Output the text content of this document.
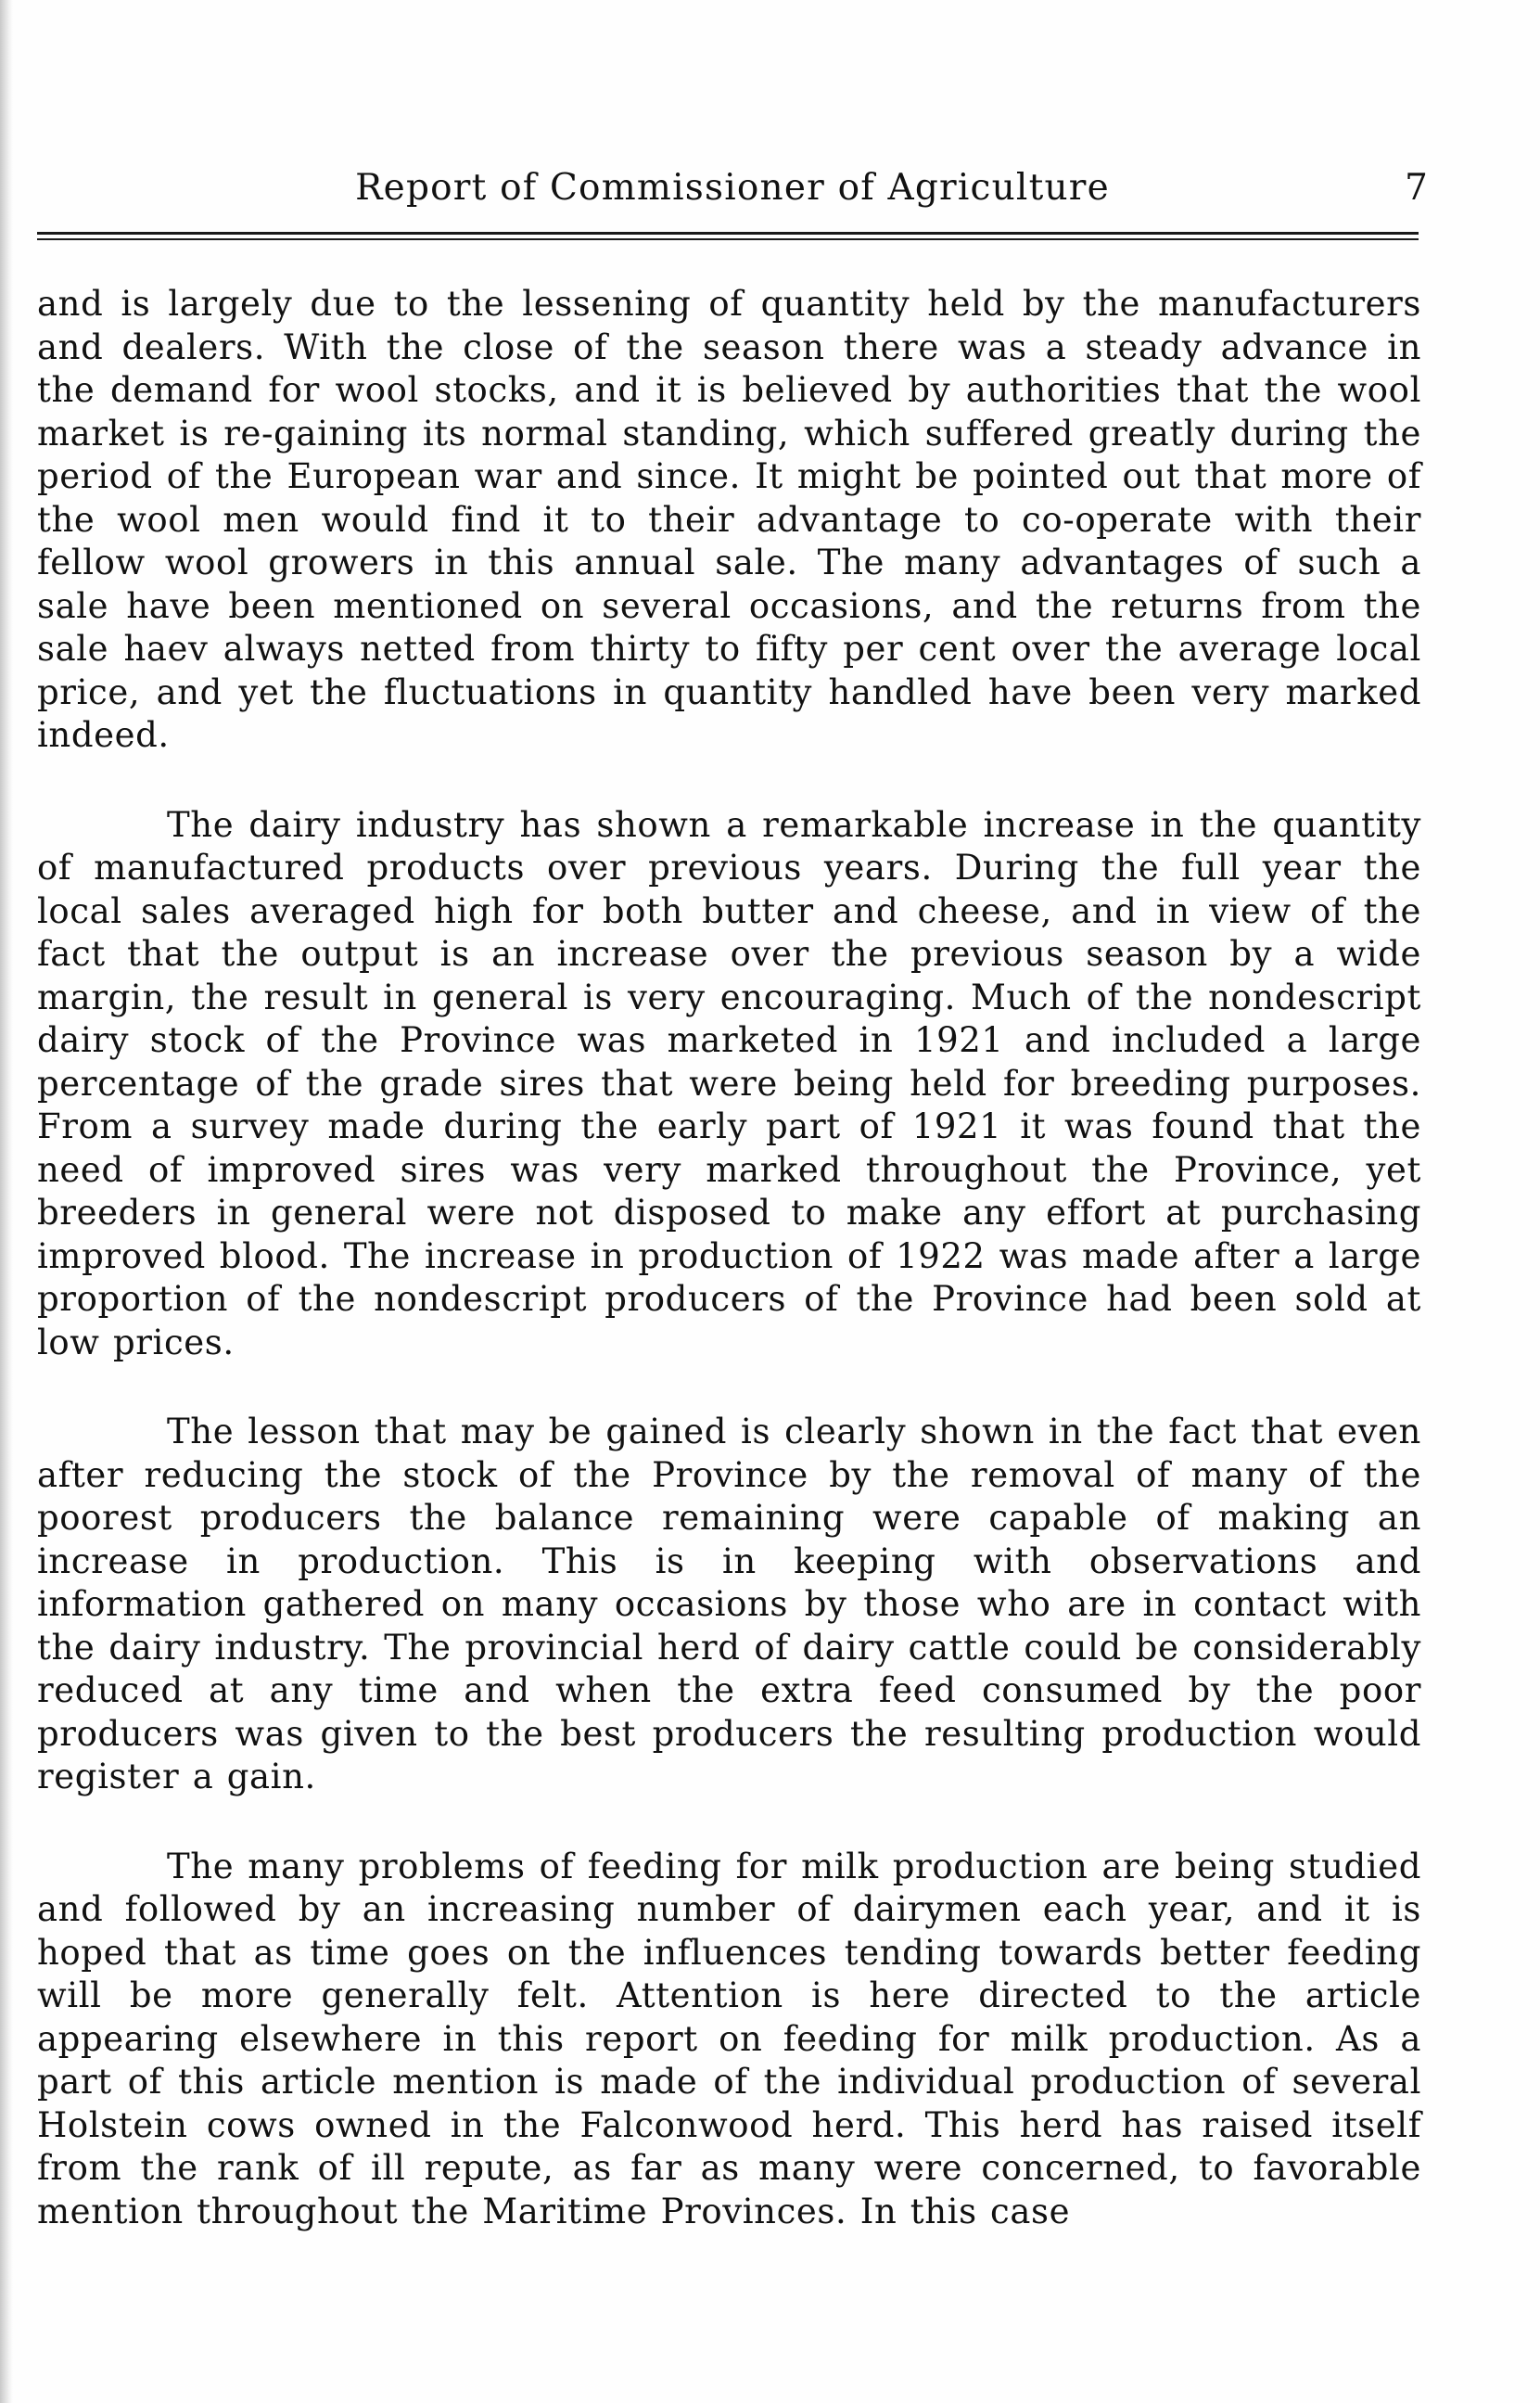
Report of Commissioner of Agriculture	7

and is largely due to the lessening of quantity held by the manufacturers and dealers. With the close of the season there was a steady advance in the demand for wool stocks, and it is believed by authorities that the wool market is re-gaining its normal standing, which suffered greatly during the period of the European war and since. It might be pointed out that more of the wool men would find it to their advantage to co-operate with their fellow wool growers in this annual sale. The many advantages of such a sale have been mentioned on several occasions, and the returns from the sale haev always netted from thirty to fifty per cent over the average local price, and yet the fluctuations in quantity handled have been very marked indeed.

The dairy industry has shown a remarkable increase in the quantity of manufactured products over previous years. During the full year the local sales averaged high for both butter and cheese, and in view of the fact that the output is an increase over the previous season by a wide margin, the result in general is very encouraging. Much of the nondescript dairy stock of the Province was marketed in 1921 and included a large percentage of the grade sires that were being held for breeding purposes. From a survey made during the early part of 1921 it was found that the need of improved sires was very marked throughout the Province, yet breeders in general were not disposed to make any effort at purchasing improved blood. The increase in production of 1922 was made after a large proportion of the nondescript producers of the Province had been sold at low prices.

The lesson that may be gained is clearly shown in the fact that even after reducing the stock of the Province by the removal of many of the poorest producers the balance remaining were capable of making an increase in production. This is in keeping with observations and information gathered on many occasions by those who are in contact with the dairy industry. The provincial herd of dairy cattle could be considerably reduced at any time and when the extra feed consumed by the poor producers was given to the best producers the resulting production would register a gain.

The many problems of feeding for milk production are being studied and followed by an increasing number of dairymen each year, and it is hoped that as time goes on the influences tending towards better feeding will be more generally felt. Attention is here directed to the article appearing elsewhere in this report on feeding for milk production. As a part of this article mention is made of the individual production of several Holstein cows owned in the Falconwood herd. This herd has raised itself from the rank of ill repute, as far as many were concerned, to favorable mention throughout the Maritime Provinces. In this case
